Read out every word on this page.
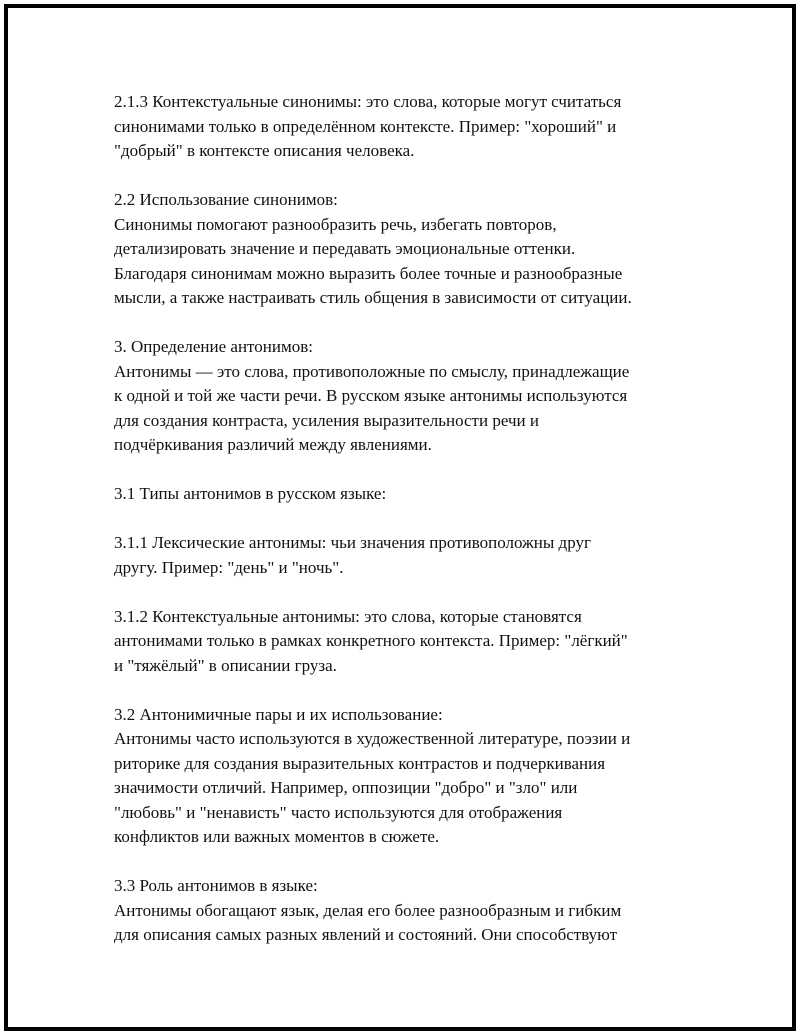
2.1.3 Контекстуальные синонимы: это слова, которые могут считаться
синонимами только в определённом контексте. Пример: "хороший" и
"добрый" в контексте описания человека.

2.2 Использование синонимов:
Синонимы помогают разнообразить речь, избегать повторов,
детализировать значение и передавать эмоциональные оттенки.
Благодаря синонимам можно выразить более точные и разнообразные
мысли, а также настраивать стиль общения в зависимости от ситуации.

3. Определение антонимов:
Антонимы — это слова, противоположные по смыслу, принадлежащие
к одной и той же части речи. В русском языке антонимы используются
для создания контраста, усиления выразительности речи и
подчёркивания различий между явлениями.

3.1 Типы антонимов в русском языке:

3.1.1 Лексические антонимы: чьи значения противоположны друг
другу. Пример: "день" и "ночь".

3.1.2 Контекстуальные антонимы: это слова, которые становятся
антонимами только в рамках конкретного контекста. Пример: "лёгкий"
и "тяжёлый" в описании груза.

3.2 Антонимичные пары и их использование:
Антонимы часто используются в художественной литературе, поэзии и
риторике для создания выразительных контрастов и подчеркивания
значимости отличий. Например, оппозиции "добро" и "зло" или
"любовь" и "ненависть" часто используются для отображения
конфликтов или важных моментов в сюжете.

3.3 Роль антонимов в языке:
Антонимы обогащают язык, делая его более разнообразным и гибким
для описания самых разных явлений и состояний. Они способствуют
